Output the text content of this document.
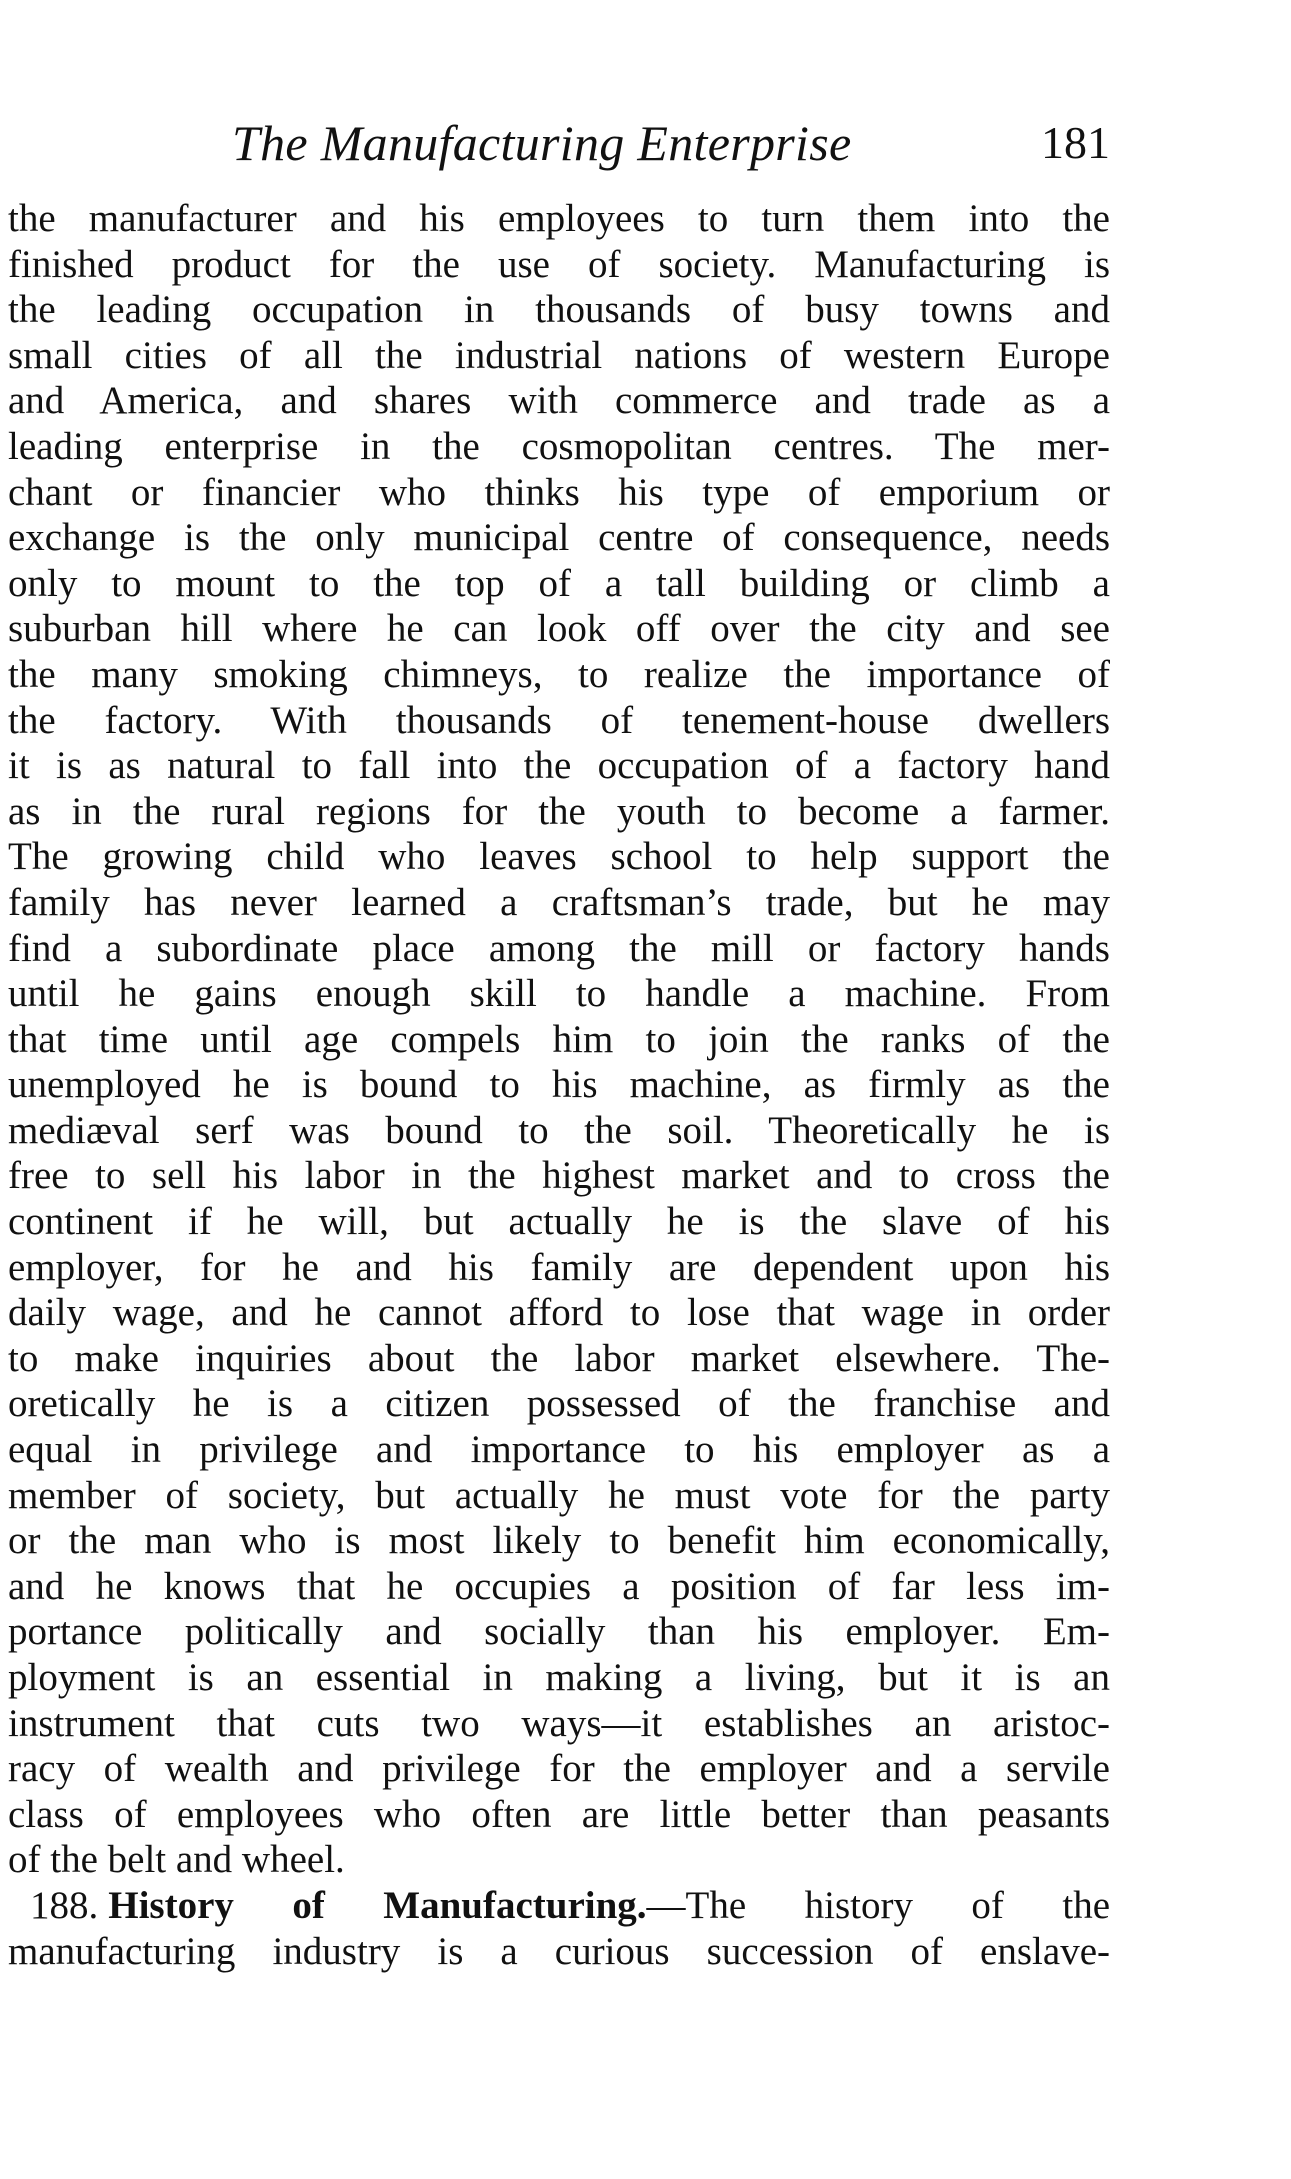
The Manufacturing Enterprise	181
the manufacturer and his employees to turn them into the
finished product for the use of society. Manufacturing is
the leading occupation in thousands of busy towns and
small cities of all the industrial nations of western Europe
and America, and shares with commerce and trade as a
leading enterprise in the cosmopolitan centres. The mer-
chant or financier who thinks his type of emporium or
exchange is the only municipal centre of consequence, needs
only to mount to the top of a tall building or climb a
suburban hill where he can look off over the city and see
the many smoking chimneys, to realize the importance of
the factory. With thousands of tenement-house dwellers
it is as natural to fall into the occupation of a factory hand
as in the rural regions for the youth to become a farmer.
The growing child who leaves school to help support the
family has never learned a craftsman’s trade, but he may
find a subordinate place among the mill or factory hands
until he gains enough skill to handle a machine. From
that time until age compels him to join the ranks of the
unemployed he is bound to his machine, as firmly as the
mediæval serf was bound to the soil. Theoretically he is
free to sell his labor in the highest market and to cross the
continent if he will, but actually he is the slave of his
employer, for he and his family are dependent upon his
daily wage, and he cannot afford to lose that wage in order
to make inquiries about the labor market elsewhere. The-
oretically he is a citizen possessed of the franchise and
equal in privilege and importance to his employer as a
member of society, but actually he must vote for the party
or the man who is most likely to benefit him economically,
and he knows that he occupies a position of far less im-
portance politically and socially than his employer. Em-
ployment is an essential in making a living, but it is an
instrument that cuts two ways—it establishes an aristoc-
racy of wealth and privilege for the employer and a servile
class of employees who often are little better than peasants
of the belt and wheel.
188. History of Manufacturing.—The history of the
manufacturing industry is a curious succession of enslave-
